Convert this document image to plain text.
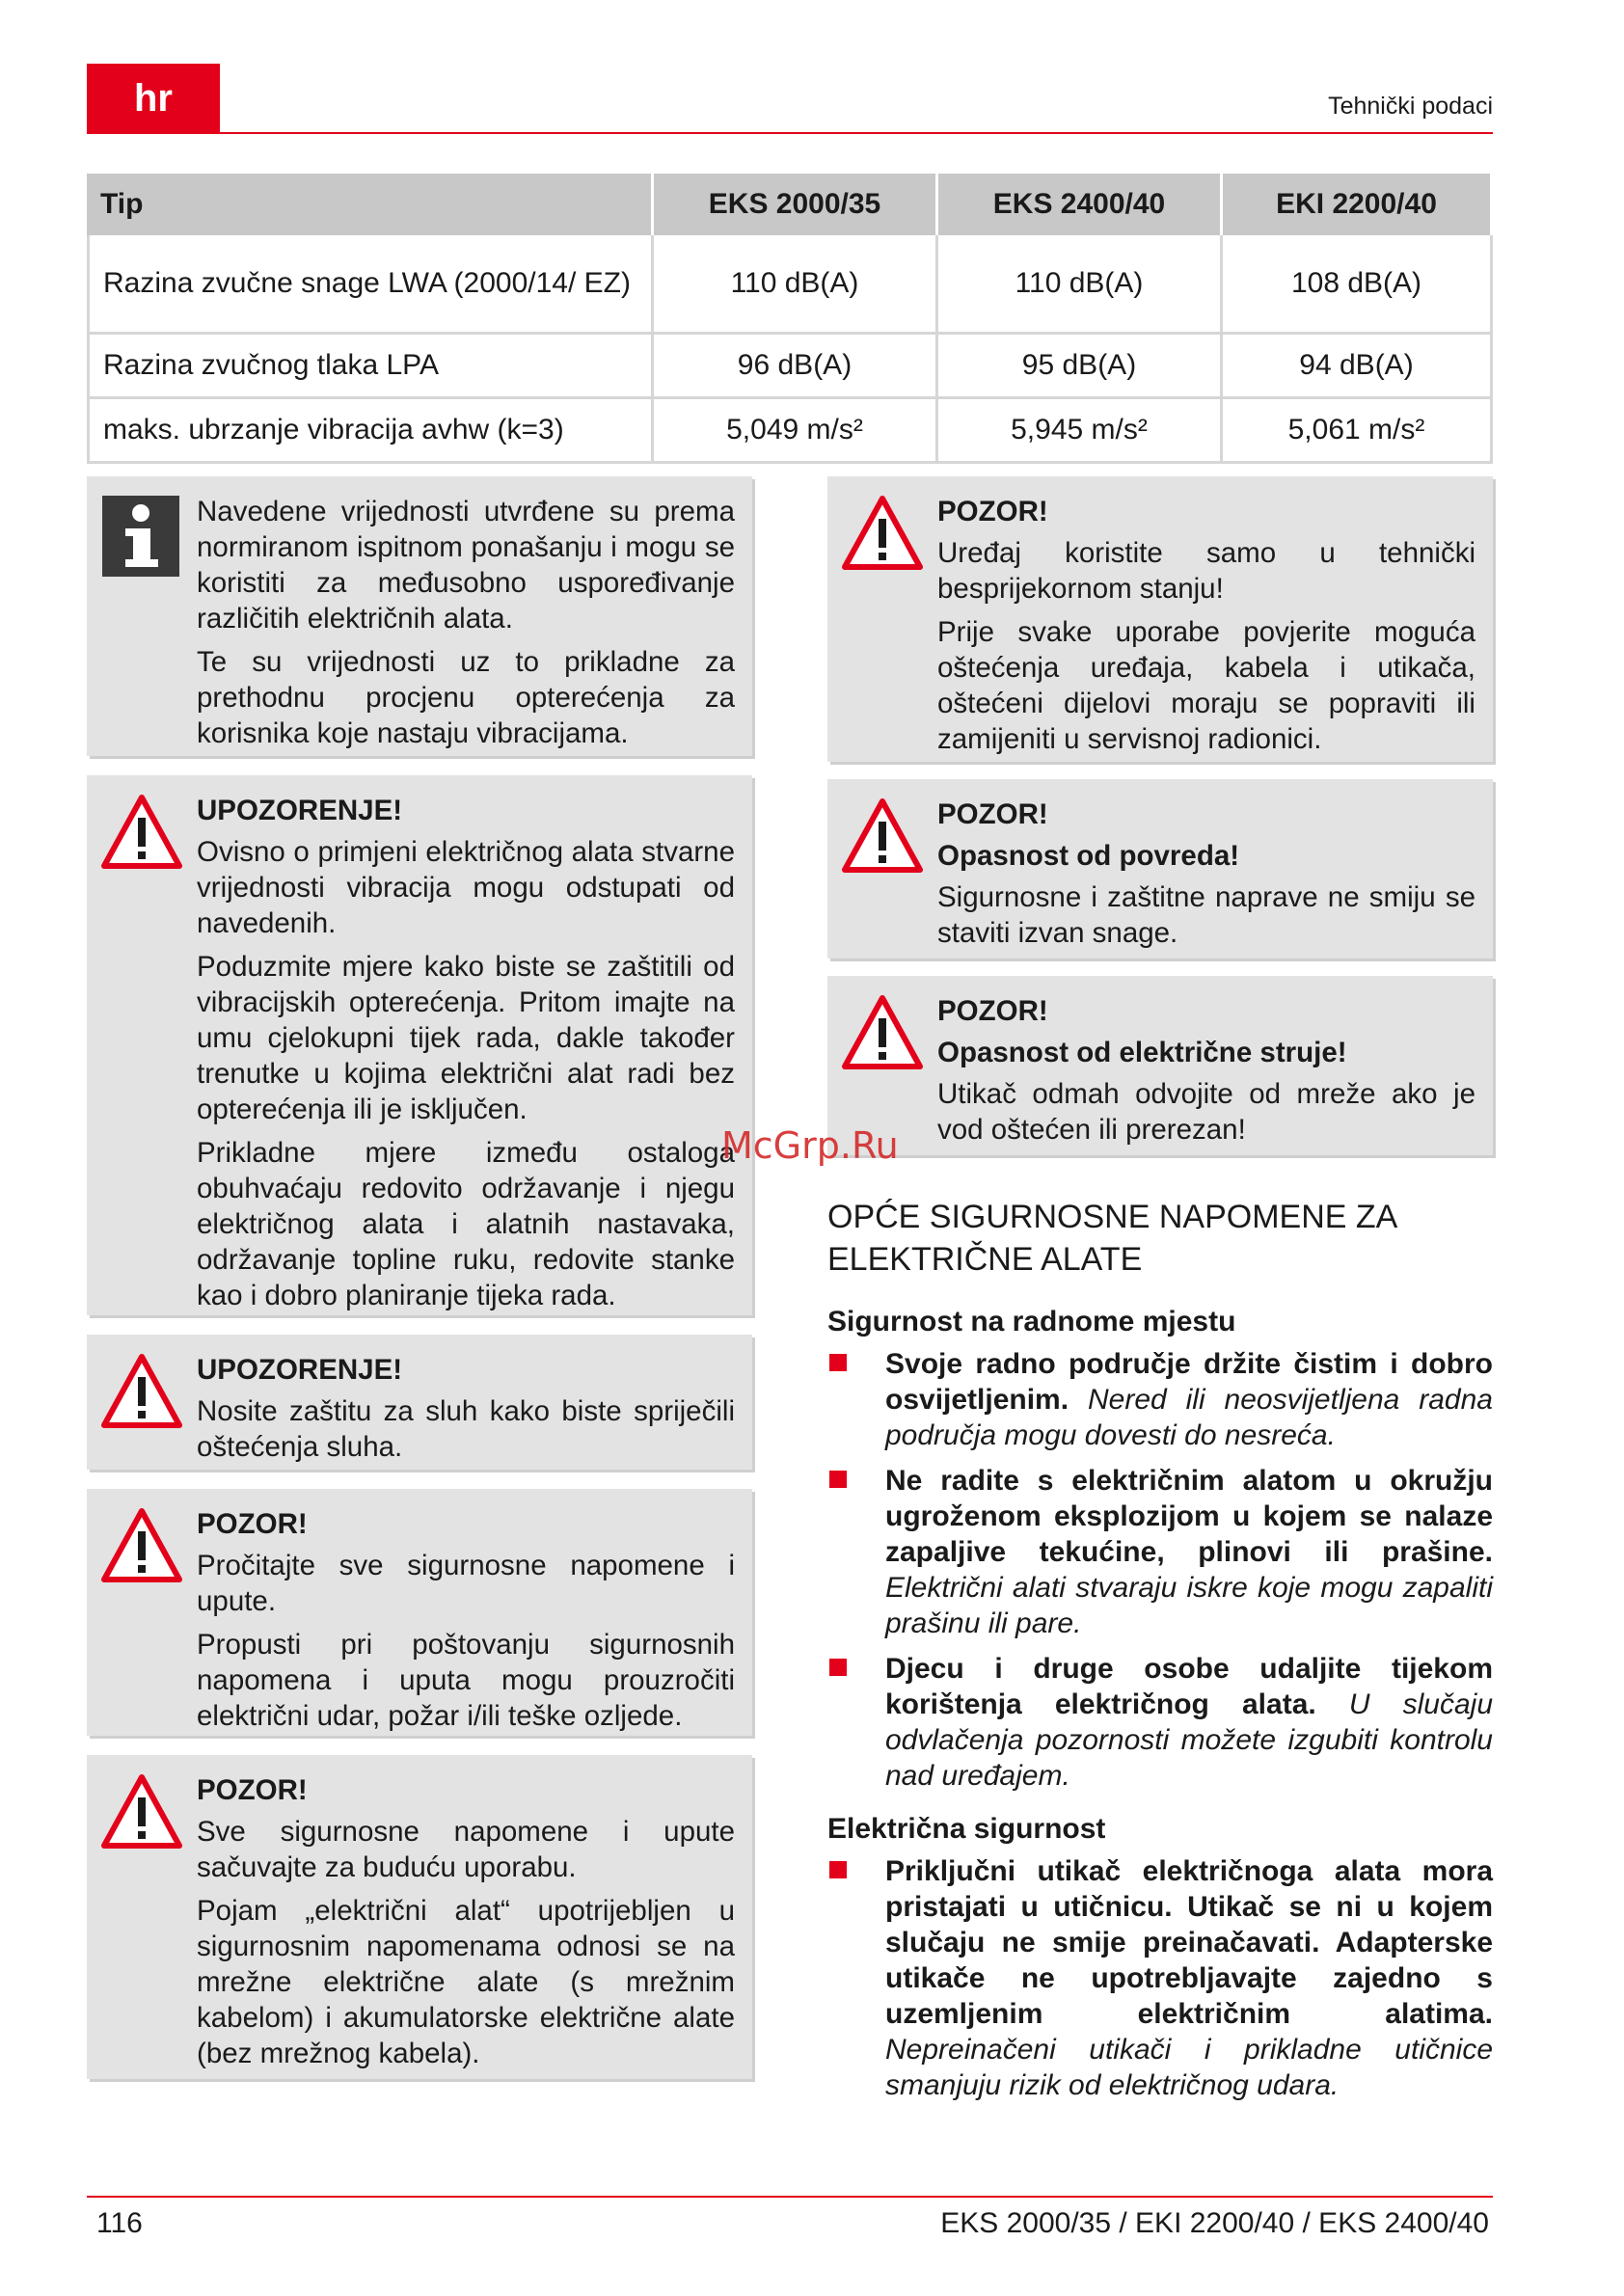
hr	Tehnički podaci
Tip	EKS 2000/35	EKS 2400/40	EKI 2200/40
Razina zvučne snage LWA (2000/14/ EZ)	110 dB(A)	110 dB(A)	108 dB(A)
Razina zvučnog tlaka LPA	96 dB(A)	95 dB(A)	94 dB(A)
maks. ubrzanje vibracija avhw (k=3)	5,049 m/s²	5,945 m/s²	5,061 m/s²

Navedene vrijednosti utvrđene su prema normiranom ispitnom ponašanju i mogu se koristiti za međusobno uspoređivanje različitih električnih alata.

Te su vrijednosti uz to prikladne za prethodnu procjenu opterećenja za korisnika koje nastaju vibracijama.

UPOZORENJE!

Ovisno o primjeni električnog alata stvarne vrijednosti vibracija mogu odstupati od navedenih.

Poduzmite mjere kako biste se zaštitili od vibracijskih opterećenja. Pritom imajte na umu cjelokupni tijek rada, dakle također trenutke u kojima električni alat radi bez opterećenja ili je isključen.

Prikladne mjere između ostaloga obuhvaćaju redovito održavanje i njegu električnog alata i alatnih nastavaka, održavanje topline ruku, redovite stanke kao i dobro planiranje tijeka rada.

UPOZORENJE!

Nosite zaštitu za sluh kako biste spriječili oštećenja sluha.

POZOR!

Pročitajte sve sigurnosne napomene i upute.

Propusti pri poštovanju sigurnosnih napomena i uputa mogu prouzročiti električni udar, požar i/ili teške ozljede.

POZOR!

Sve sigurnosne napomene i upute sačuvajte za buduću uporabu.

Pojam „električni alat“ upotrijebljen u sigurnosnim napomenama odnosi se na mrežne električne alate (s mrežnim kabelom) i akumulatorske električne alate (bez mrežnog kabela).

POZOR!

Uređaj koristite samo u tehnički besprijekornom stanju!

Prije svake uporabe povjerite moguća oštećenja uređaja, kabela i utikača, oštećeni dijelovi moraju se popraviti ili zamijeniti u servisnoj radionici.

POZOR!

Opasnost od povreda!

Sigurnosne i zaštitne naprave ne smiju se staviti izvan snage.

POZOR!

Opasnost od električne struje!

Utikač odmah odvojite od mreže ako je vod oštećen ili prerezan!

OPĆE SIGURNOSNE NAPOMENE ZA ELEKTRIČNE ALATE
Sigurnost na radnome mjestu
Svoje radno područje držite čistim i dobro osvijetljenim. Nered ili neosvijetljena radna područja mogu dovesti do nesreća.
Ne radite s električnim alatom u okružju ugroženom eksplozijom u kojem se nalaze zapaljive tekućine, plinovi ili prašine. Električni alati stvaraju iskre koje mogu zapaliti prašinu ili pare.
Djecu i druge osobe udaljite tijekom korištenja električnog alata. U slučaju odvlačenja pozornosti možete izgubiti kontrolu nad uređajem.
Električna sigurnost
Priključni utikač električnoga alata mora pristajati u utičnicu. Utikač se ni u kojem slučaju ne smije preinačavati. Adapterske utikače ne upotrebljavajte zajedno s uzemljenim električnim alatima. Nepreinačeni utikači i prikladne utičnice smanjuju rizik od električnog udara.
McGrp.Ru
116	EKS 2000/35 / EKI 2200/40 / EKS 2400/40
